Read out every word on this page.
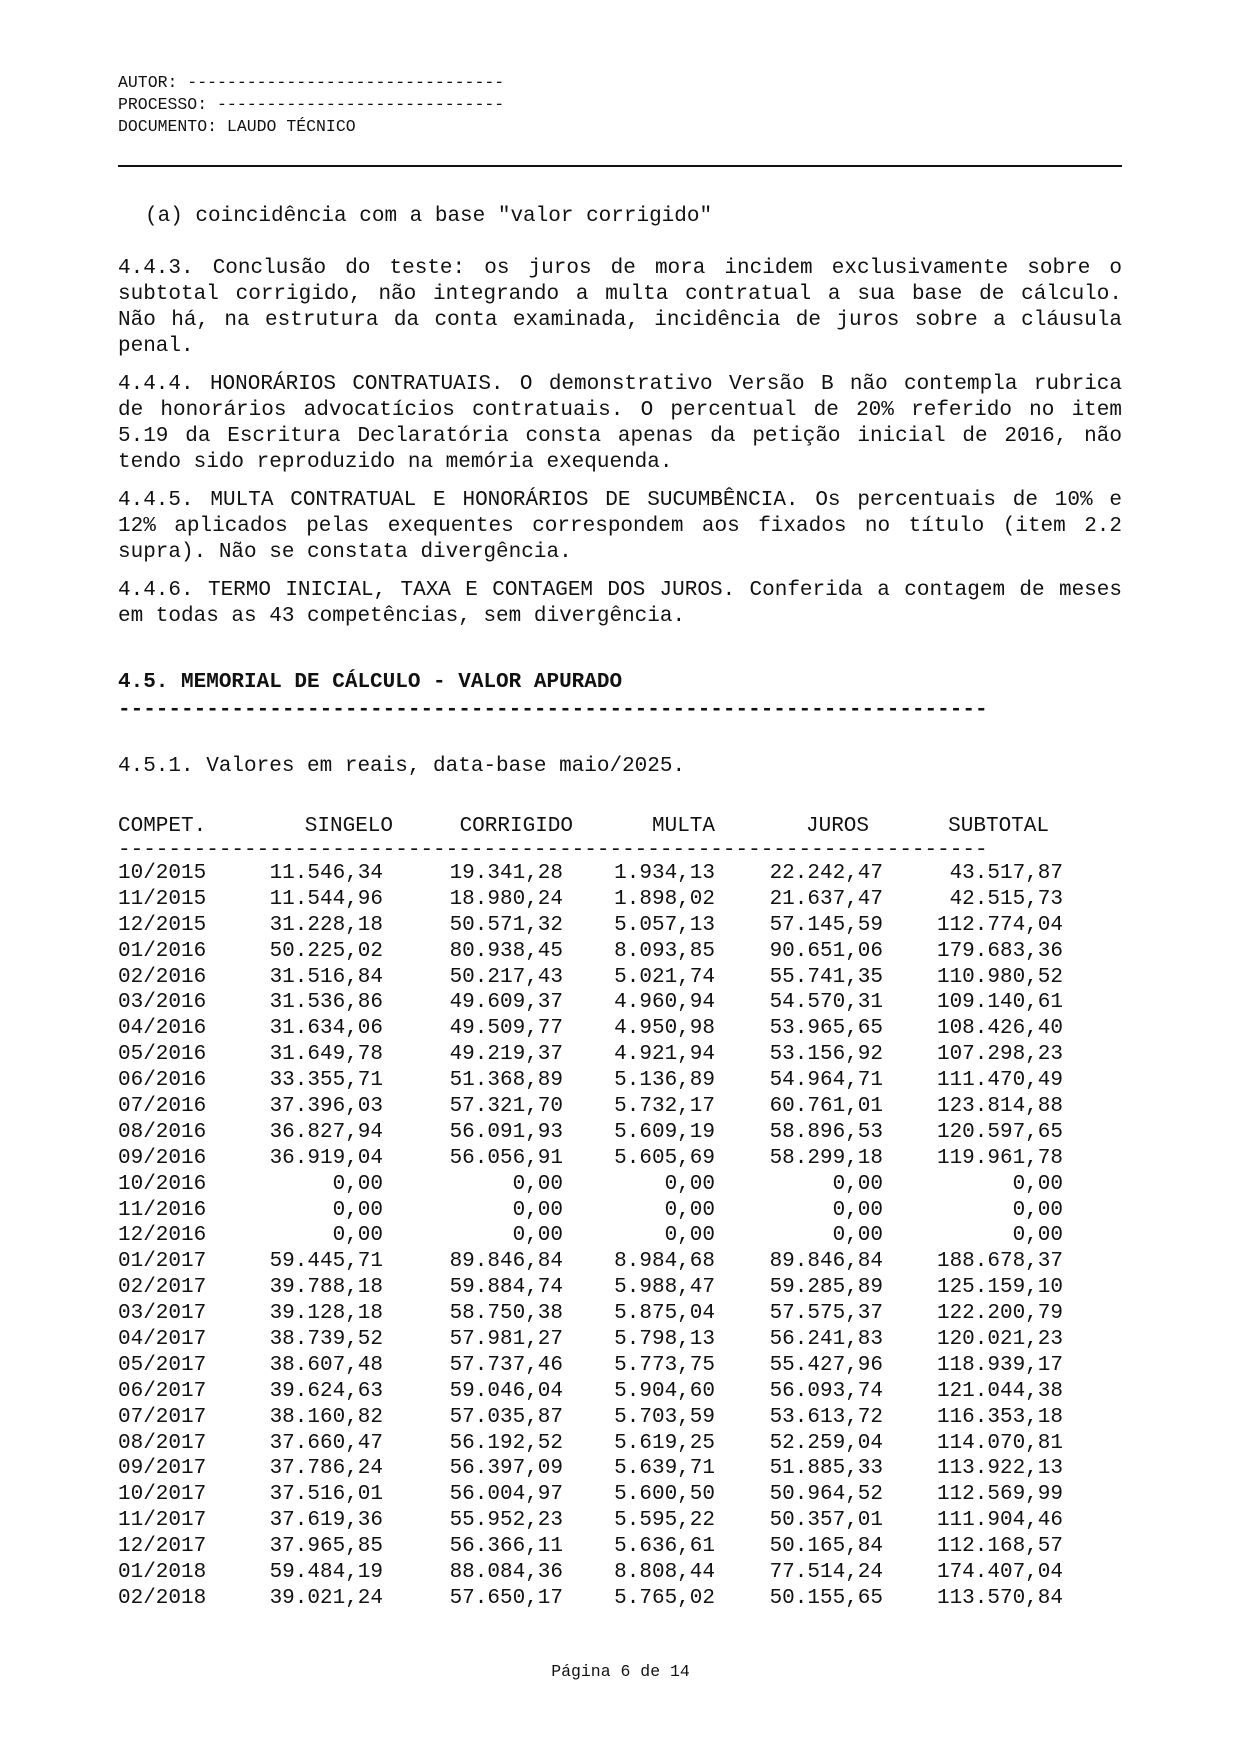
AUTOR: --------------------------------
PROCESSO: -----------------------------
DOCUMENTO: LAUDO TÉCNICO
(a) coincidência com a base "valor corrigido"
4.4.3. Conclusão do teste: os juros de mora incidem exclusivamente sobre o subtotal corrigido, não integrando a multa contratual a sua base de cálculo. Não há, na estrutura da conta examinada, incidência de juros sobre a cláusula penal.
4.4.4. HONORÁRIOS CONTRATUAIS. O demonstrativo Versão B não contempla rubrica de honorários advocatícios contratuais. O percentual de 20% referido no item 5.19 da Escritura Declaratória consta apenas da petição inicial de 2016, não tendo sido reproduzido na memória exequenda.
4.4.5. MULTA CONTRATUAL E HONORÁRIOS DE SUCUMBÊNCIA. Os percentuais de 10% e 12% aplicados pelas exequentes correspondem aos fixados no título (item 2.2 supra). Não se constata divergência.
4.4.6. TERMO INICIAL, TAXA E CONTAGEM DOS JUROS. Conferida a contagem de meses em todas as 43 competências, sem divergência.
4.5. MEMORIAL DE CÁLCULO - VALOR APURADO
---------------------------------------------------------------------
4.5.1. Valores em reais, data-base maio/2025.
COMPET.	SINGELO	CORRIGIDO	MULTA	JUROS	SUBTOTAL
---------------------------------------------------------------------
10/2015	11.546,34	19.341,28 1.934,13	22.242,47	43.517,87
11/2015	11.544,96	18.980,24 1.898,02	21.637,47	42.515,73
12/2015	31.228,18	50.571,32 5.057,13	57.145,59	112.774,04
01/2016	50.225,02	80.938,45 8.093,85	90.651,06	179.683,36
02/2016	31.516,84	50.217,43 5.021,74	55.741,35	110.980,52
03/2016	31.536,86	49.609,37 4.960,94	54.570,31	109.140,61
04/2016	31.634,06	49.509,77 4.950,98	53.965,65	108.426,40
05/2016	31.649,78	49.219,37 4.921,94	53.156,92	107.298,23
06/2016	33.355,71	51.368,89 5.136,89	54.964,71	111.470,49
07/2016	37.396,03	57.321,70 5.732,17	60.761,01	123.814,88
08/2016	36.827,94	56.091,93 5.609,19	58.896,53	120.597,65
09/2016	36.919,04	56.056,91 5.605,69	58.299,18	119.961,78
10/2016	0,00	0,00	0,00	0,00	0,00
11/2016	0,00	0,00	0,00	0,00	0,00
12/2016	0,00	0,00	0,00	0,00	0,00
01/2017	59.445,71	89.846,84 8.984,68	89.846,84	188.678,37
02/2017	39.788,18	59.884,74 5.988,47	59.285,89	125.159,10
03/2017	39.128,18	58.750,38 5.875,04	57.575,37	122.200,79
04/2017	38.739,52	57.981,27 5.798,13	56.241,83	120.021,23
05/2017	38.607,48	57.737,46 5.773,75	55.427,96	118.939,17
06/2017	39.624,63	59.046,04 5.904,60	56.093,74	121.044,38
07/2017	38.160,82	57.035,87 5.703,59	53.613,72	116.353,18
08/2017	37.660,47	56.192,52 5.619,25	52.259,04	114.070,81
09/2017	37.786,24	56.397,09 5.639,71	51.885,33	113.922,13
10/2017	37.516,01	56.004,97 5.600,50	50.964,52	112.569,99
11/2017	37.619,36	55.952,23 5.595,22	50.357,01	111.904,46
12/2017	37.965,85	56.366,11 5.636,61	50.165,84	112.168,57
01/2018	59.484,19	88.084,36 8.808,44	77.514,24	174.407,04
02/2018	39.021,24	57.650,17 5.765,02	50.155,65	113.570,84
Página 6 de 14
